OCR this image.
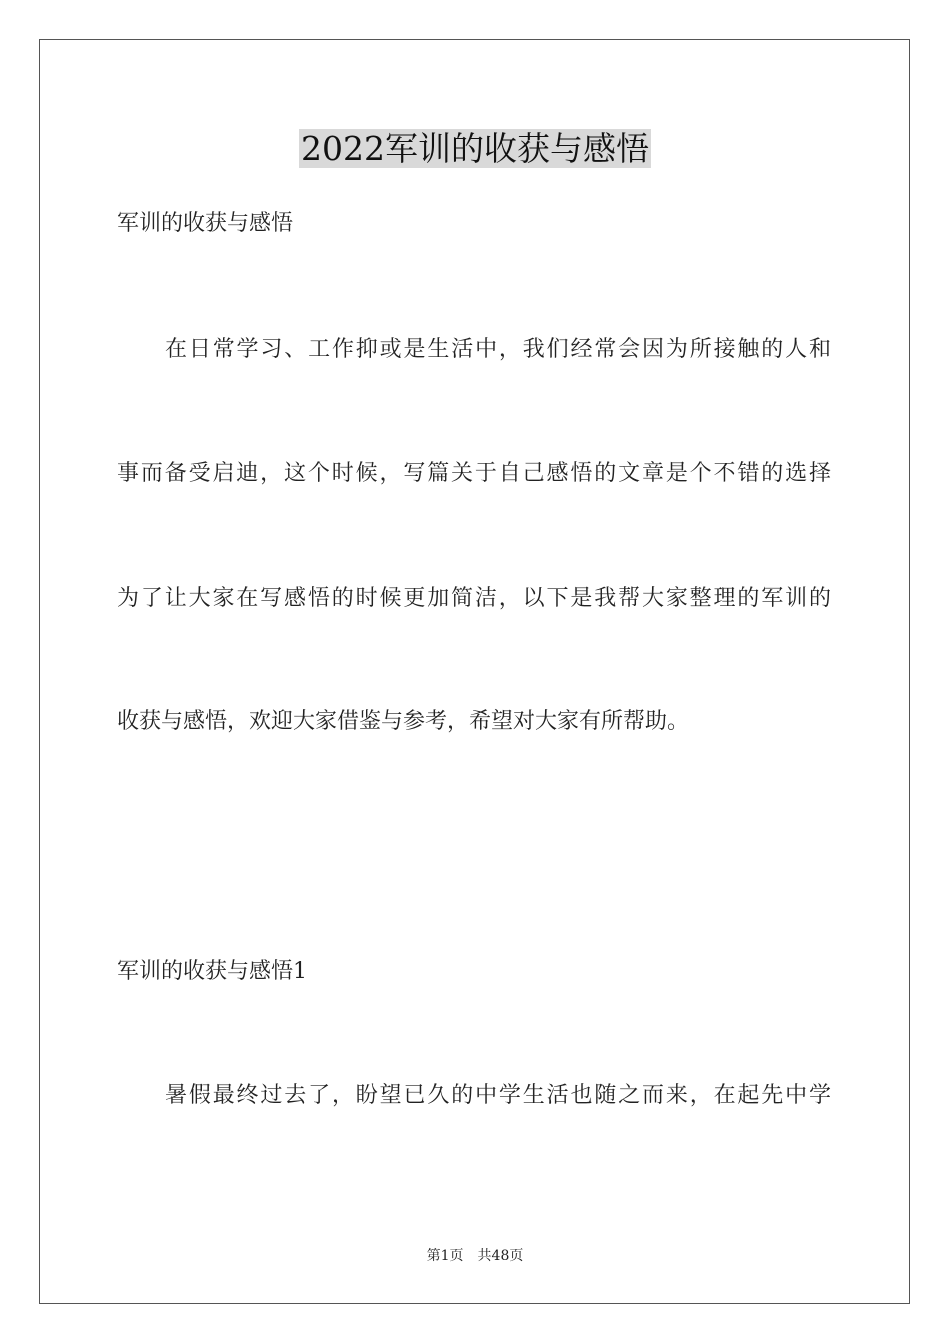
2022军训的收获与感悟

军训的收获与感悟

在日常学习、工作抑或是生活中，我们经常会因为所接触的人和

事而备受启迪，这个时候，写篇关于自己感悟的文章是个不错的选择

为了让大家在写感悟的时候更加简洁，以下是我帮大家整理的军训的

收获与感悟，欢迎大家借鉴与参考，希望对大家有所帮助。

军训的收获与感悟1

暑假最终过去了，盼望已久的中学生活也随之而来，在起先中学

第1页 共48页
